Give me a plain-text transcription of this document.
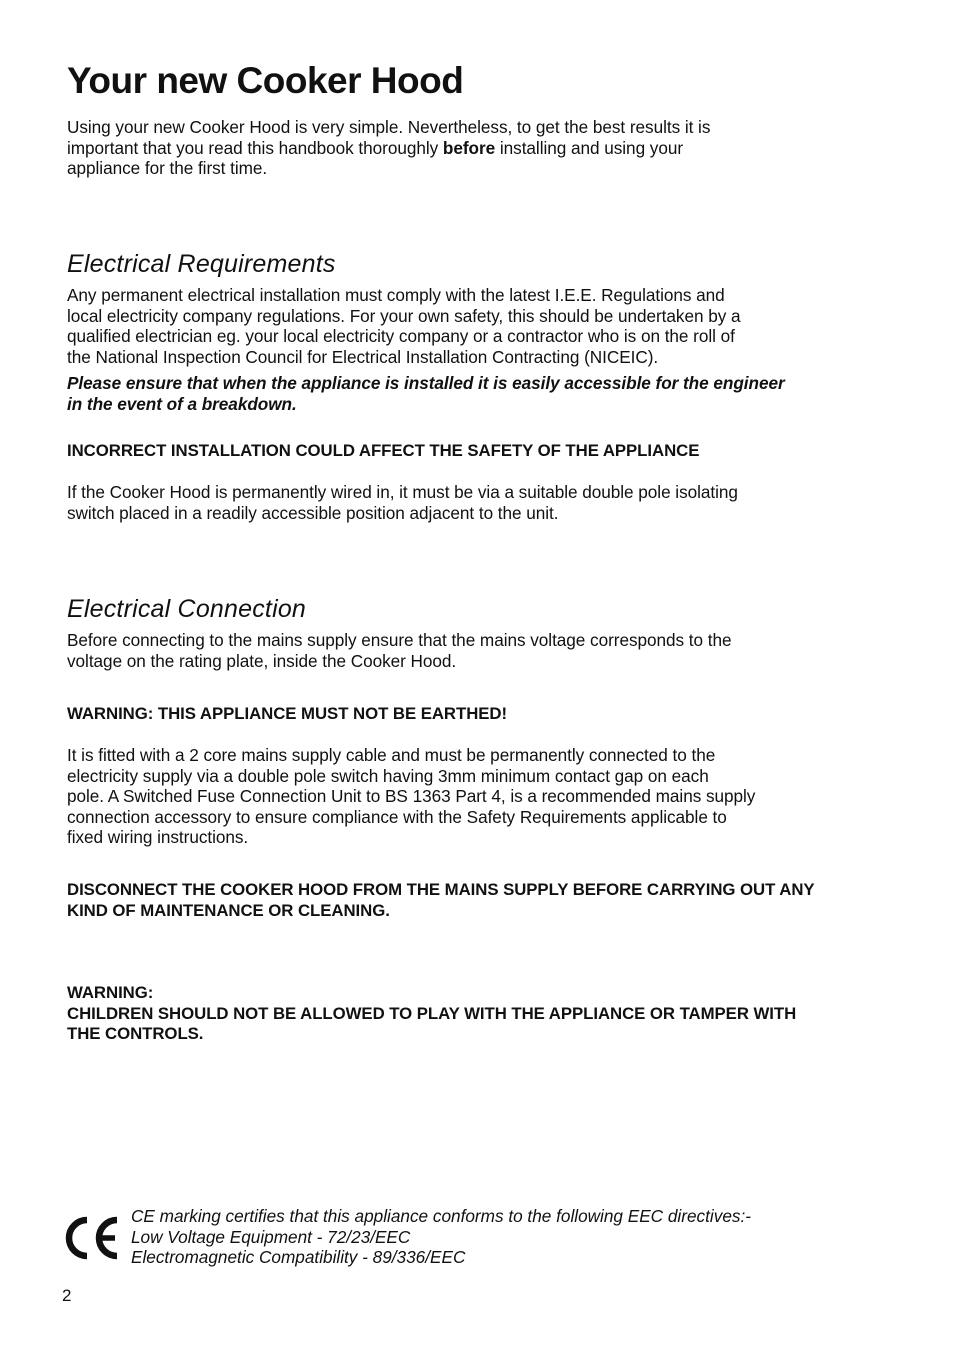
Your new Cooker Hood

Using your new Cooker Hood is very simple. Nevertheless, to get the best results it is
important that you read this handbook thoroughly before installing and using your
appliance for the first time.

Electrical Requirements

Any permanent electrical installation must comply with the latest I.E.E. Regulations and
local electricity company regulations. For your own safety, this should be undertaken by a
qualified electrician eg. your local electricity company or a contractor who is on the roll of
the National Inspection Council for Electrical Installation Contracting (NICEIC).

Please ensure that when the appliance is installed it is easily accessible for the engineer
in the event of a breakdown.

INCORRECT INSTALLATION COULD AFFECT THE SAFETY OF THE APPLIANCE

If the Cooker Hood is permanently wired in, it must be via a suitable double pole isolating
switch placed in a readily accessible position adjacent to the unit.

Electrical Connection

Before connecting to the mains supply ensure that the mains voltage corresponds to the
voltage on the rating plate, inside the Cooker Hood.

WARNING: THIS APPLIANCE MUST NOT BE EARTHED!

It is fitted with a 2 core mains supply cable and must be permanently connected to the
electricity supply via a double pole switch having 3mm minimum contact gap on each
pole. A Switched Fuse Connection Unit to BS 1363 Part 4, is a recommended mains supply
connection accessory to ensure compliance with the Safety Requirements applicable to
fixed wiring instructions.

DISCONNECT THE COOKER HOOD FROM THE MAINS SUPPLY BEFORE CARRYING OUT ANY
KIND OF MAINTENANCE OR CLEANING.

WARNING:
CHILDREN SHOULD NOT BE ALLOWED TO PLAY WITH THE APPLIANCE OR TAMPER WITH
THE CONTROLS.

CE marking certifies that this appliance conforms to the following EEC directives:-
Low Voltage Equipment - 72/23/EEC
Electromagnetic Compatibility - 89/336/EEC

2
